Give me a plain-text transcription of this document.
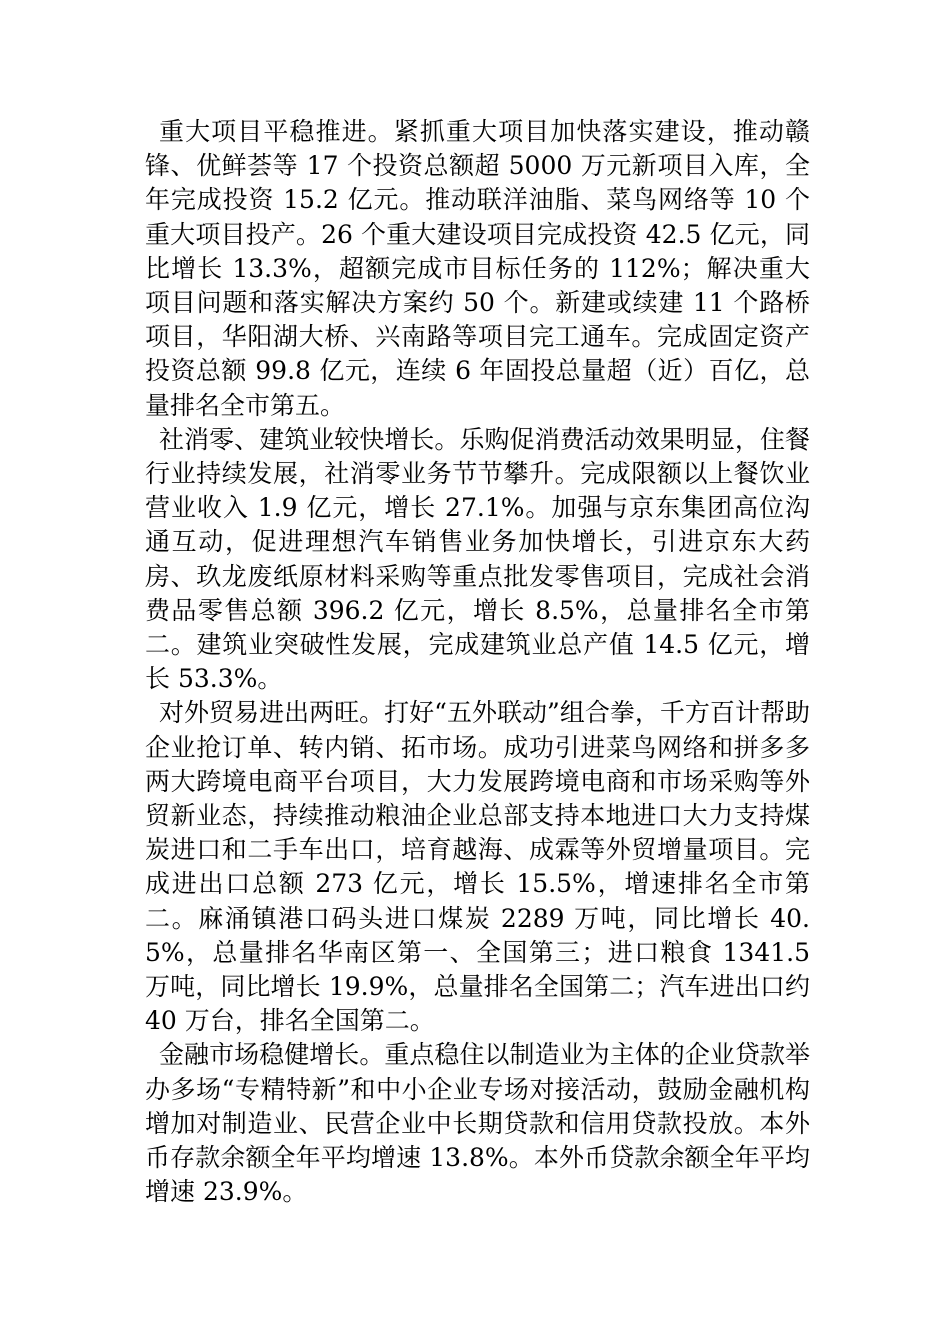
重大项目平稳推进。紧抓重大项目加快落实建设，推动赣锋、优鲜荟等 17 个投资总额超 5000 万元新项目入库，全年完成投资 15.2 亿元。推动联洋油脂、菜鸟网络等 10 个重大项目投产。26 个重大建设项目完成投资 42.5 亿元，同比增长 13.3%，超额完成市目标任务的 112%；解决重大项目问题和落实解决方案约 50 个。新建或续建 11 个路桥项目，华阳湖大桥、兴南路等项目完工通车。完成固定资产投资总额 99.8 亿元，连续 6 年固投总量超（近）百亿，总量排名全市第五。

社消零、建筑业较快增长。乐购促消费活动效果明显，住餐行业持续发展，社消零业务节节攀升。完成限额以上餐饮业营业收入 1.9 亿元，增长 27.1%。加强与京东集团高位沟通互动，促进理想汽车销售业务加快增长，引进京东大药房、玖龙废纸原材料采购等重点批发零售项目，完成社会消费品零售总额 396.2 亿元，增长 8.5%，总量排名全市第二。建筑业突破性发展，完成建筑业总产值 14.5 亿元，增长 53.3%。

对外贸易进出两旺。打好“五外联动”组合拳，千方百计帮助企业抢订单、转内销、拓市场。成功引进菜鸟网络和拼多多两大跨境电商平台项目，大力发展跨境电商和市场采购等外贸新业态，持续推动粮油企业总部支持本地进口大力支持煤炭进口和二手车出口，培育越海、成霖等外贸增量项目。完成进出口总额 273 亿元，增长 15.5%，增速排名全市第二。麻涌镇港口码头进口煤炭 2289 万吨，同比增长 40.5%，总量排名华南区第一、全国第三；进口粮食 1341.5 万吨，同比增长 19.9%，总量排名全国第二；汽车进出口约 40 万台，排名全国第二。

金融市场稳健增长。重点稳住以制造业为主体的企业贷款举办多场“专精特新”和中小企业专场对接活动，鼓励金融机构增加对制造业、民营企业中长期贷款和信用贷款投放。本外币存款余额全年平均增速 13.8%。本外币贷款余额全年平均增速 23.9%。
